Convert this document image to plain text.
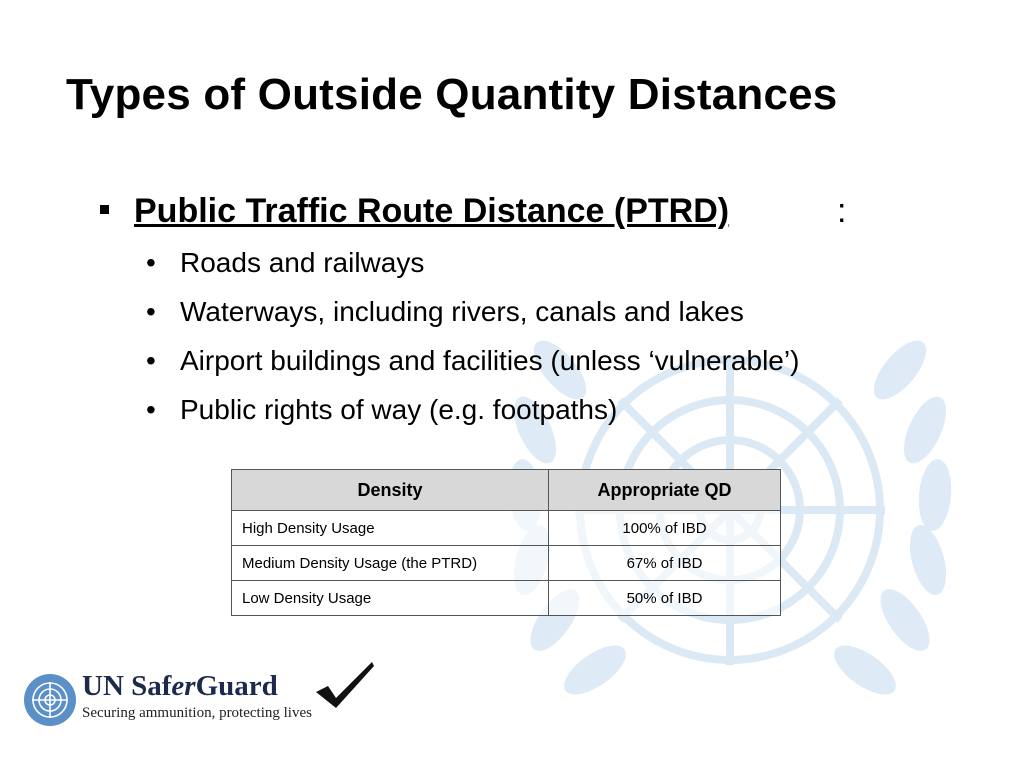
Types of Outside Quantity Distances
Public Traffic Route Distance (PTRD)	:
• Roads and railways
• Waterways, including rivers, canals and lakes
• Airport buildings and facilities (unless ‘vulnerable’)
• Public rights of way (e.g. footpaths)
Density	Appropriate QD
High Density Usage	100% of IBD
Medium Density Usage (the PTRD)	67% of IBD
Low Density Usage	50% of IBD
UN SaferGuard
Securing ammunition, protecting lives
